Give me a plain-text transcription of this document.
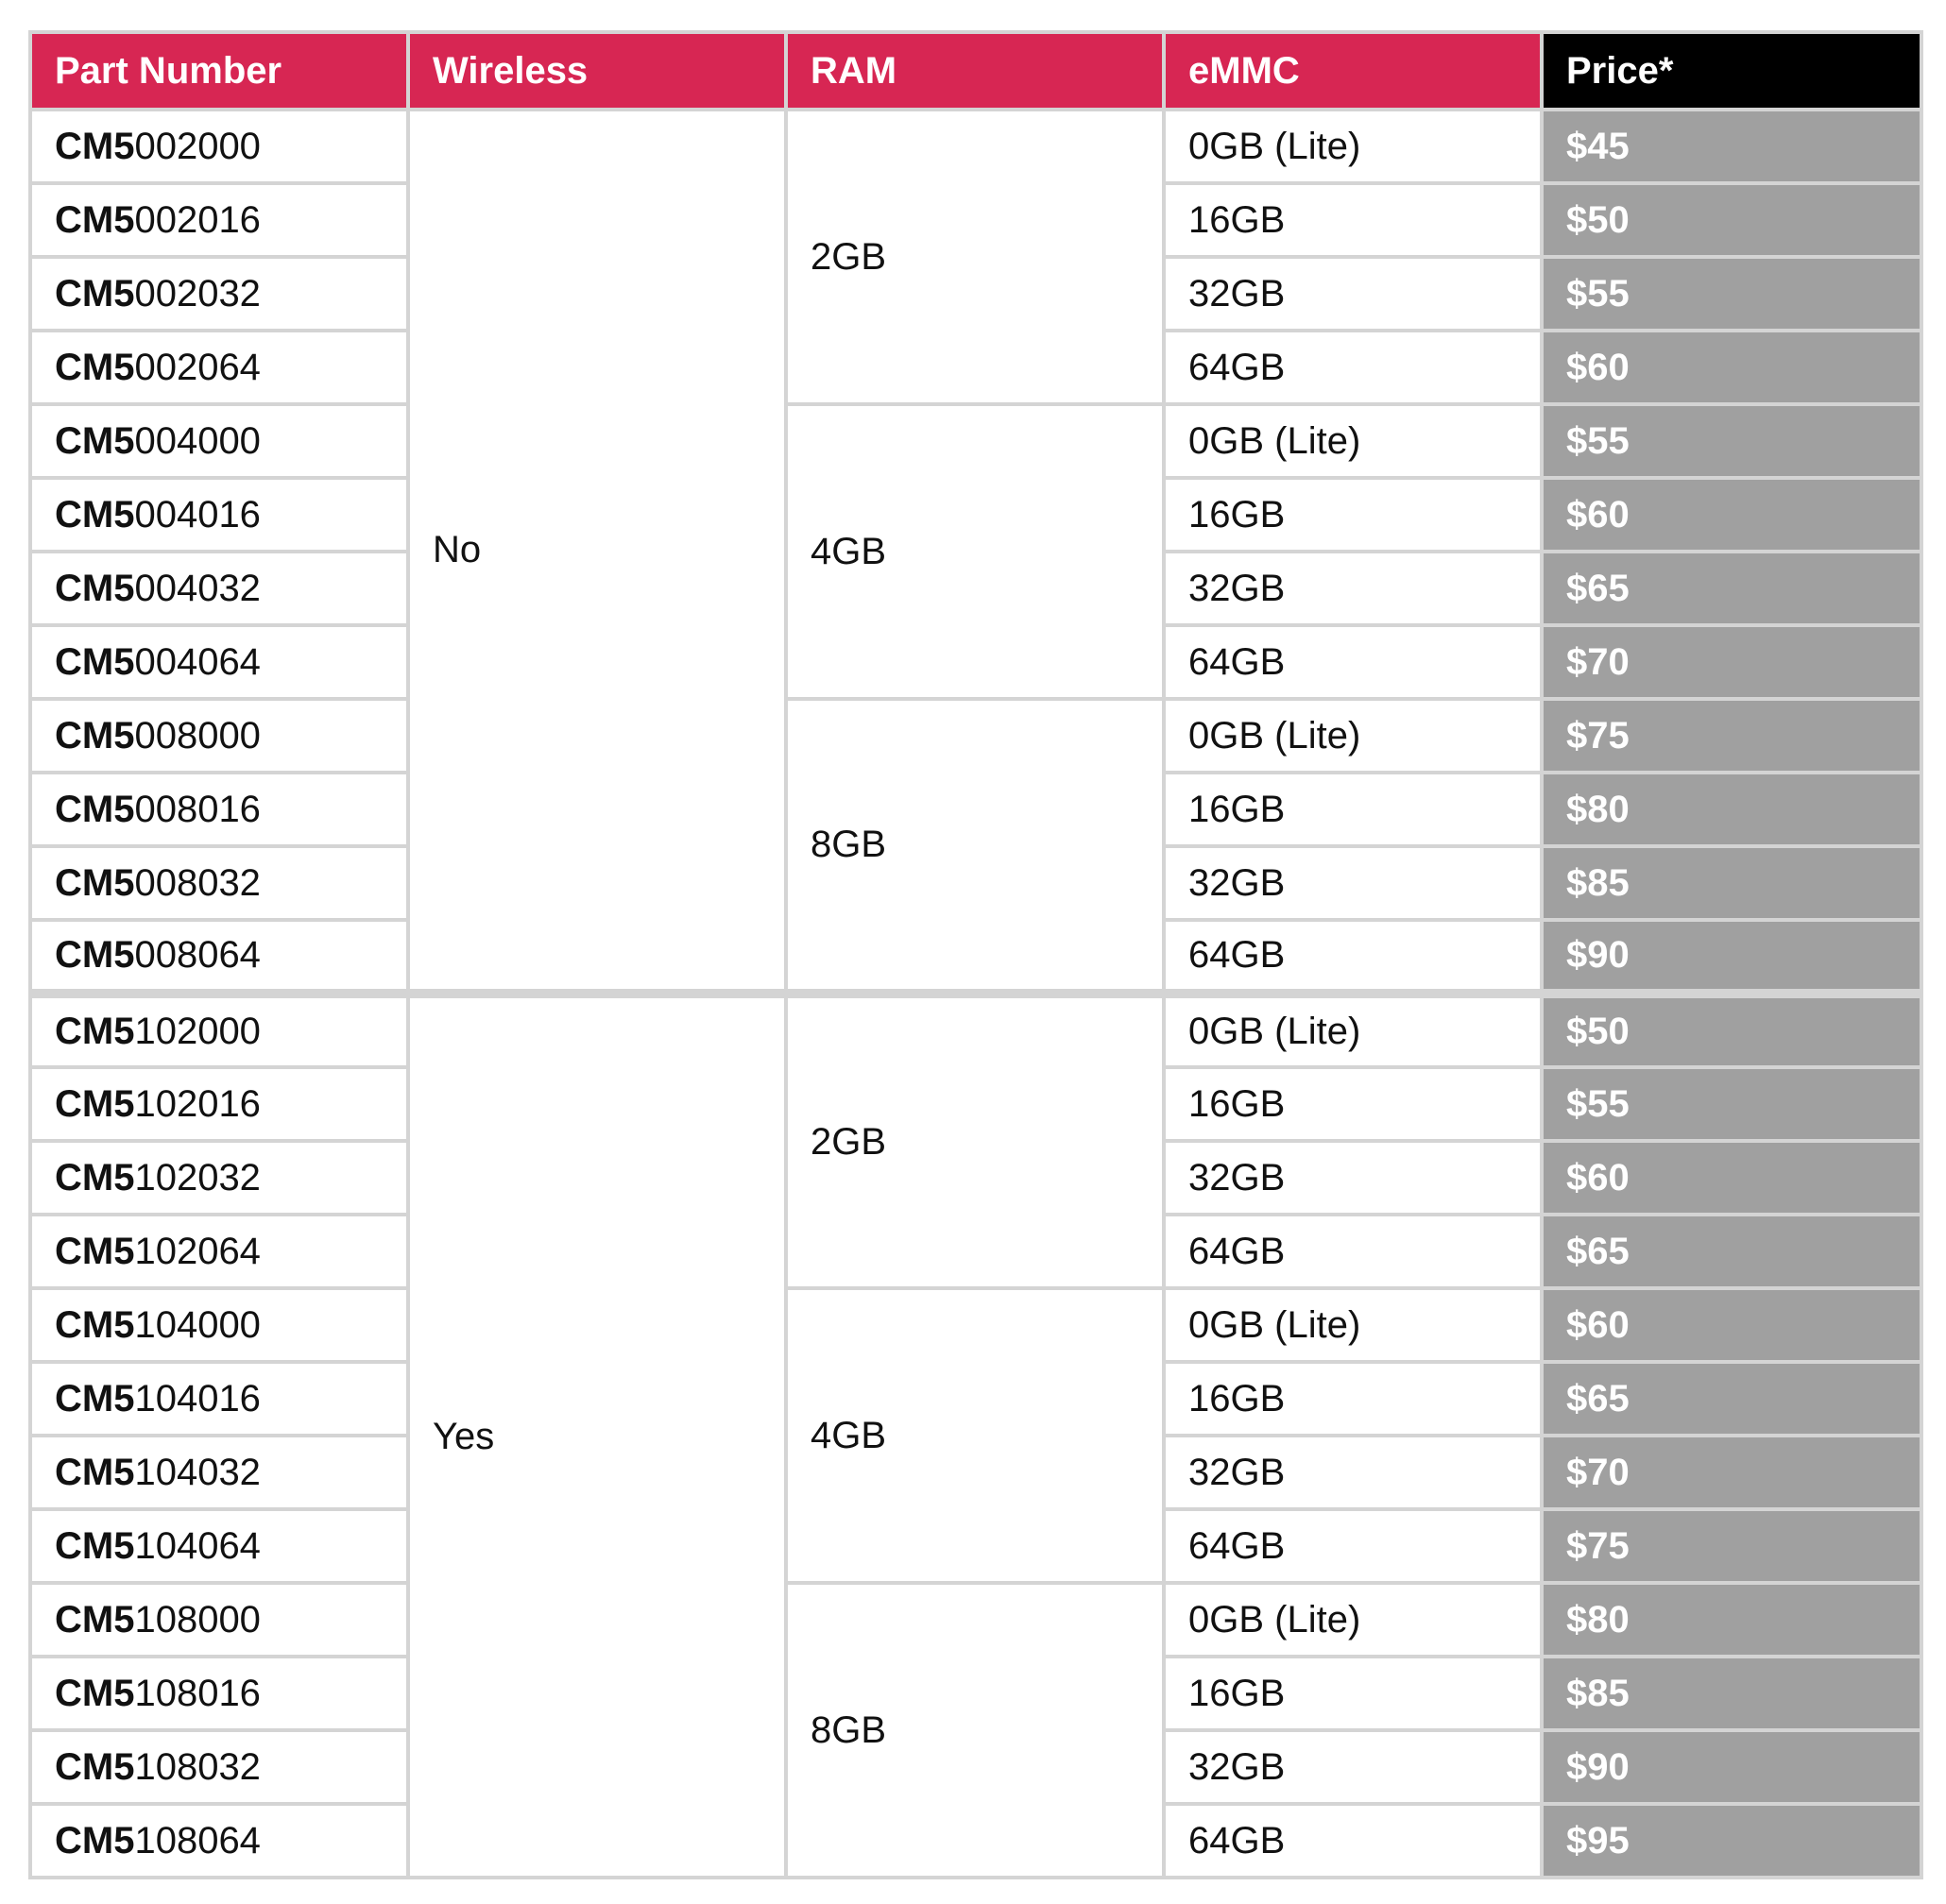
Part Number	Wireless	RAM	eMMC	Price*
CM5002000	No	2GB	0GB (Lite)	$45
CM5002016			16GB	$50
CM5002032			32GB	$55
CM5002064			64GB	$60
CM5004000		4GB	0GB (Lite)	$55
CM5004016			16GB	$60
CM5004032			32GB	$65
CM5004064			64GB	$70
CM5008000		8GB	0GB (Lite)	$75
CM5008016			16GB	$80
CM5008032			32GB	$85
CM5008064			64GB	$90
CM5102000	Yes	2GB	0GB (Lite)	$50
CM5102016			16GB	$55
CM5102032			32GB	$60
CM5102064			64GB	$65
CM5104000		4GB	0GB (Lite)	$60
CM5104016			16GB	$65
CM5104032			32GB	$70
CM5104064			64GB	$75
CM5108000		8GB	0GB (Lite)	$80
CM5108016			16GB	$85
CM5108032			32GB	$90
CM5108064			64GB	$95
